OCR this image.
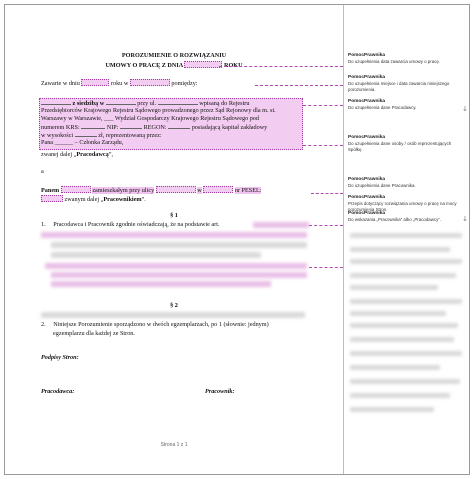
POROZUMIENIE O ROZWIĄZANIU
UMOWY O PRACĘ Z DNIA	ROKU
Zawarte w dniu	roku w	pomiędzy:
z siedzibą w	przy ul.	wpisaną do Rejestru
Przedsiębiorców Krajowego Rejestru Sądowego prowadzonego przez Sąd Rejonowy dla m. st.
Warszawy w Warszawie, ___ Wydział Gospodarczy Krajowego Rejestru Sądowego pod
numerem KRS:	NIP:	REGON:	posiadającą kapitał zakładowy
w wysokości	zł, reprezentowaną przez:
Pana ______ – Członka Zarządu,
zwanej dalej „Pracodawcą”,
a
Panem	zamieszkałym przy ulicy	w	nr PESEL:
zwanym dalej „Pracownikiem”.
§ 1
1. Pracodawca i Pracownik zgodnie oświadczają, że na podstawie art.
§ 2
2. Niniejsze Porozumienie sporządzono w dwóch egzemplarzach, po 1 (słownie: jednym)
egzemplarzu dla każdej ze Stron.
Podpisy Stron:
Pracodawca:	Pracownik:
Strona 1 z 1
PomocPrawnika
Do uzupełnienia data zawarcia umowy o pracę.
PomocPrawnika
Do uzupełnienia miejsce i data zawarcia niniejszego porozumienia.
PomocPrawnika
Do uzupełnienia dane Pracodawcy.	↓
PomocPrawnika
Do uzupełnienia dane osoby / osób reprezentujących Spółkę.
PomocPrawnika
Do uzupełnienia dane Pracownika.
PomocPrawnika
Przepis dotyczący rozwiązania umowy o pracę na mocy porozumienia Stron.
PomocPrawnika
Do wskazania „Pracownika” albo „Pracodawcy”.	↓
